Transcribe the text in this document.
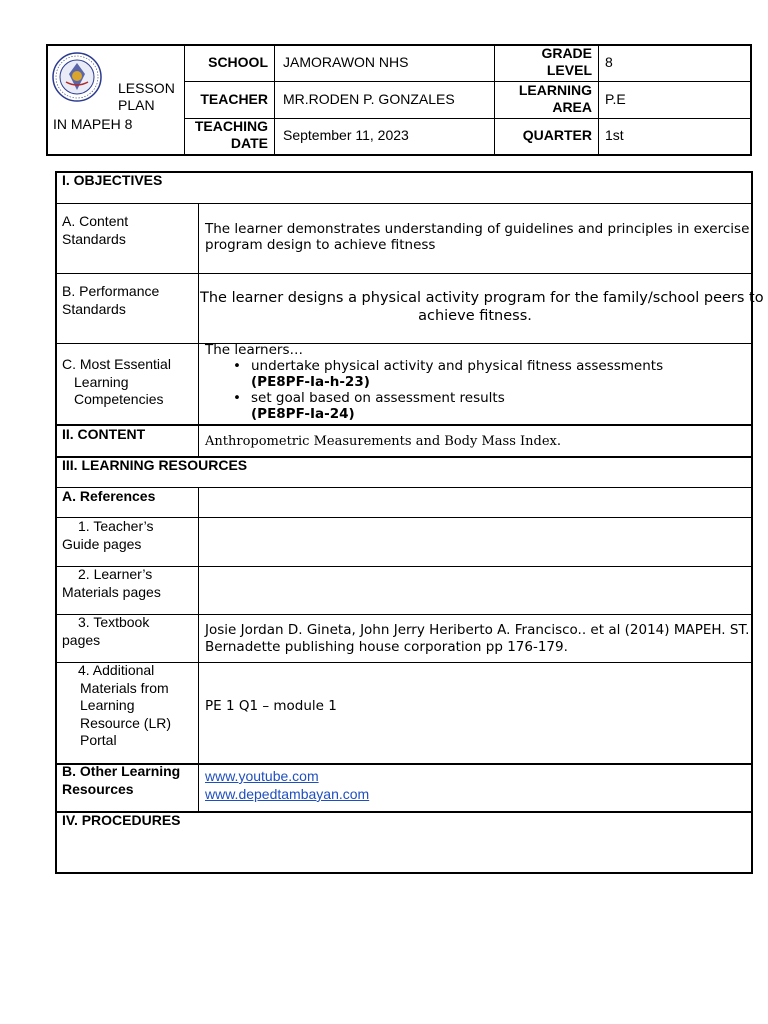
LESSON
PLAN
IN MAPEH 8
SCHOOL JAMORAWON NHS
GRADE
LEVEL 8
TEACHER MR.RODEN P. GONZALES
LEARNING
AREA P.E
TEACHING
DATE September 11, 2023	QUARTER 1st
I. OBJECTIVES
A. Content
Standards
The learner demonstrates understanding of guidelines and principles in exercise
program design to achieve fitness
B. Performance
Standards
The learner designs a physical activity program for the family/school peers to
achieve fitness.
C. Most Essential
Learning
Competencies
The learners…
• undertake physical activity and physical fitness assessments
(PE8PF-Ia-h-23)
• set goal based on assessment results
(PE8PF-Ia-24)
II. CONTENT	Anthropometric Measurements and Body Mass Index.
III. LEARNING RESOURCES
A. References
1. Teacher’s
Guide pages
2. Learner’s
Materials pages
3. Textbook
pages
Josie Jordan D. Gineta, John Jerry Heriberto A. Francisco.. et al (2014) MAPEH. ST.
Bernadette publishing house corporation pp 176-179.
4. Additional
Materials from
Learning
Resource (LR)
Portal
PE 1 Q1 – module 1
B. Other Learning
Resources
www.youtube.com
www.depedtambayan.com
IV. PROCEDURES
